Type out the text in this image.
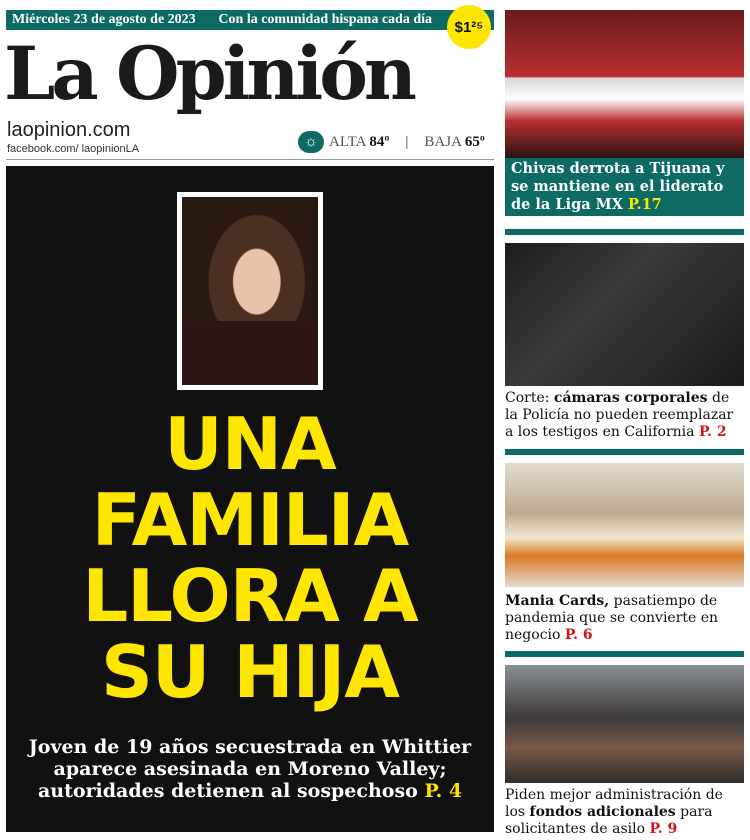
Miércoles 23 de agosto de 2023 Con la comunidad hispana cada día	$1²⁵
La Opinión
laopinion.com
facebook.com/ laopinionLA	☼ ALTA 84º | BAJA 65º
UNA
FAMILIA
LLORA A
SU HIJA
Joven de 19 años secuestrada en Whittier aparece asesinada en Moreno Valley; autoridades detienen al sospechoso P. 4
Chivas derrota a Tijuana y se mantiene en el liderato de la Liga MX P.17
Corte: cámaras corporales de la Policía no pueden reemplazar a los testigos en California P. 2
Mania Cards, pasatiempo de pandemia que se convierte en negocio P. 6
Piden mejor administración de los fondos adicionales para solicitantes de asilo P. 9
